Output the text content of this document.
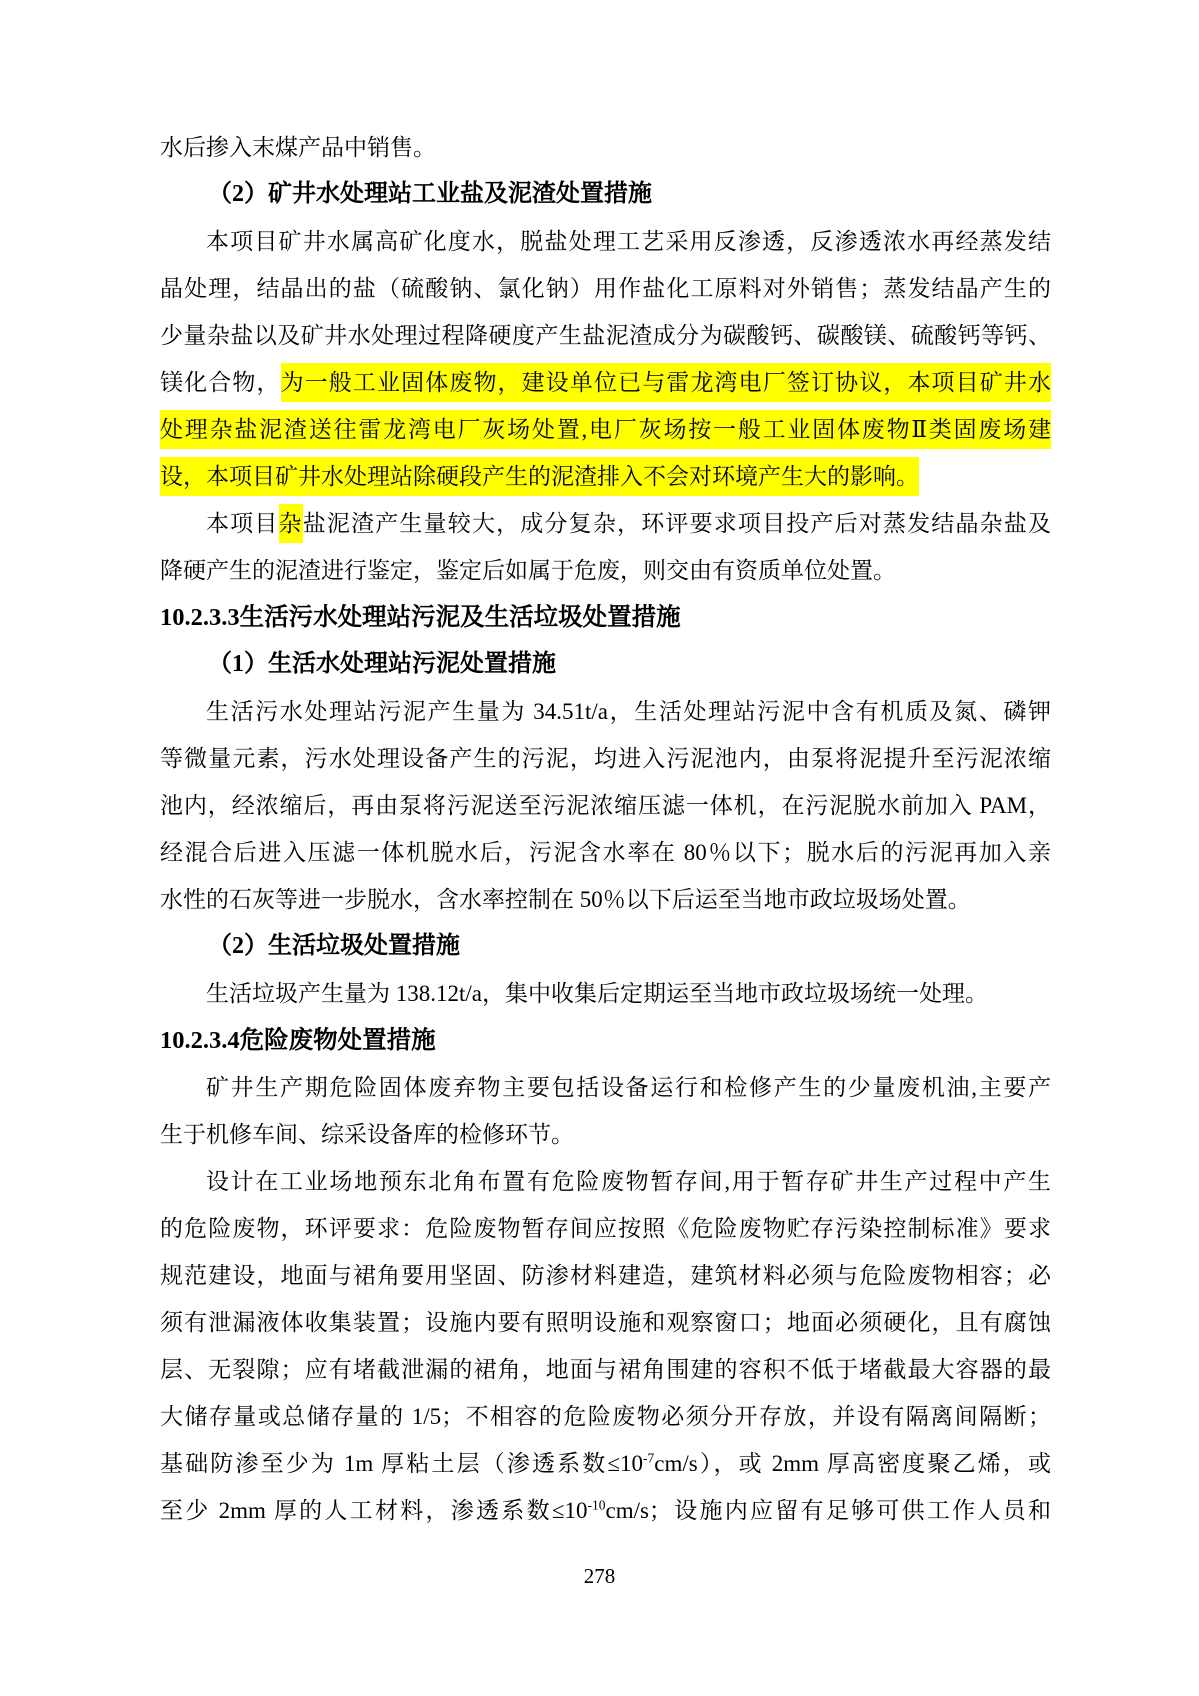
水后掺入末煤产品中销售。
（2）矿井水处理站工业盐及泥渣处置措施
本项目矿井水属高矿化度水，脱盐处理工艺采用反渗透，反渗透浓水再经蒸发结
晶处理，结晶出的盐（硫酸钠、氯化钠）用作盐化工原料对外销售；蒸发结晶产生的
少量杂盐以及矿井水处理过程降硬度产生盐泥渣成分为碳酸钙、碳酸镁、硫酸钙等钙、
镁化合物，为一般工业固体废物，建设单位已与雷龙湾电厂签订协议，本项目矿井水
处理杂盐泥渣送往雷龙湾电厂灰场处置,电厂灰场按一般工业固体废物Ⅱ类固废场建
设，本项目矿井水处理站除硬段产生的泥渣排入不会对环境产生大的影响。
本项目杂盐泥渣产生量较大，成分复杂，环评要求项目投产后对蒸发结晶杂盐及
降硬产生的泥渣进行鉴定，鉴定后如属于危废，则交由有资质单位处置。
10.2.3.3生活污水处理站污泥及生活垃圾处置措施
（1）生活水处理站污泥处置措施
生活污水处理站污泥产生量为 34.51t/a，生活处理站污泥中含有机质及氮、磷钾
等微量元素，污水处理设备产生的污泥，均进入污泥池内，由泵将泥提升至污泥浓缩
池内，经浓缩后，再由泵将污泥送至污泥浓缩压滤一体机，在污泥脱水前加入 PAM，
经混合后进入压滤一体机脱水后，污泥含水率在 80％以下；脱水后的污泥再加入亲
水性的石灰等进一步脱水，含水率控制在 50％以下后运至当地市政垃圾场处置。
（2）生活垃圾处置措施
生活垃圾产生量为 138.12t/a，集中收集后定期运至当地市政垃圾场统一处理。
10.2.3.4危险废物处置措施
矿井生产期危险固体废弃物主要包括设备运行和检修产生的少量废机油,主要产
生于机修车间、综采设备库的检修环节。
设计在工业场地预东北角布置有危险废物暂存间,用于暂存矿井生产过程中产生
的危险废物，环评要求：危险废物暂存间应按照《危险废物贮存污染控制标准》要求
规范建设，地面与裙角要用坚固、防渗材料建造，建筑材料必须与危险废物相容；必
须有泄漏液体收集装置；设施内要有照明设施和观察窗口；地面必须硬化，且有腐蚀
层、无裂隙；应有堵截泄漏的裙角，地面与裙角围建的容积不低于堵截最大容器的最
大储存量或总储存量的 1/5；不相容的危险废物必须分开存放，并设有隔离间隔断；
基础防渗至少为 1m 厚粘土层（渗透系数$\le 10^{-7}cm/s$），或 2mm 厚高密度聚乙烯，或
至少 2mm 厚的人工材料，渗透系数$\le 10^{-10}cm/s$；设施内应留有足够可供工作人员和
278
